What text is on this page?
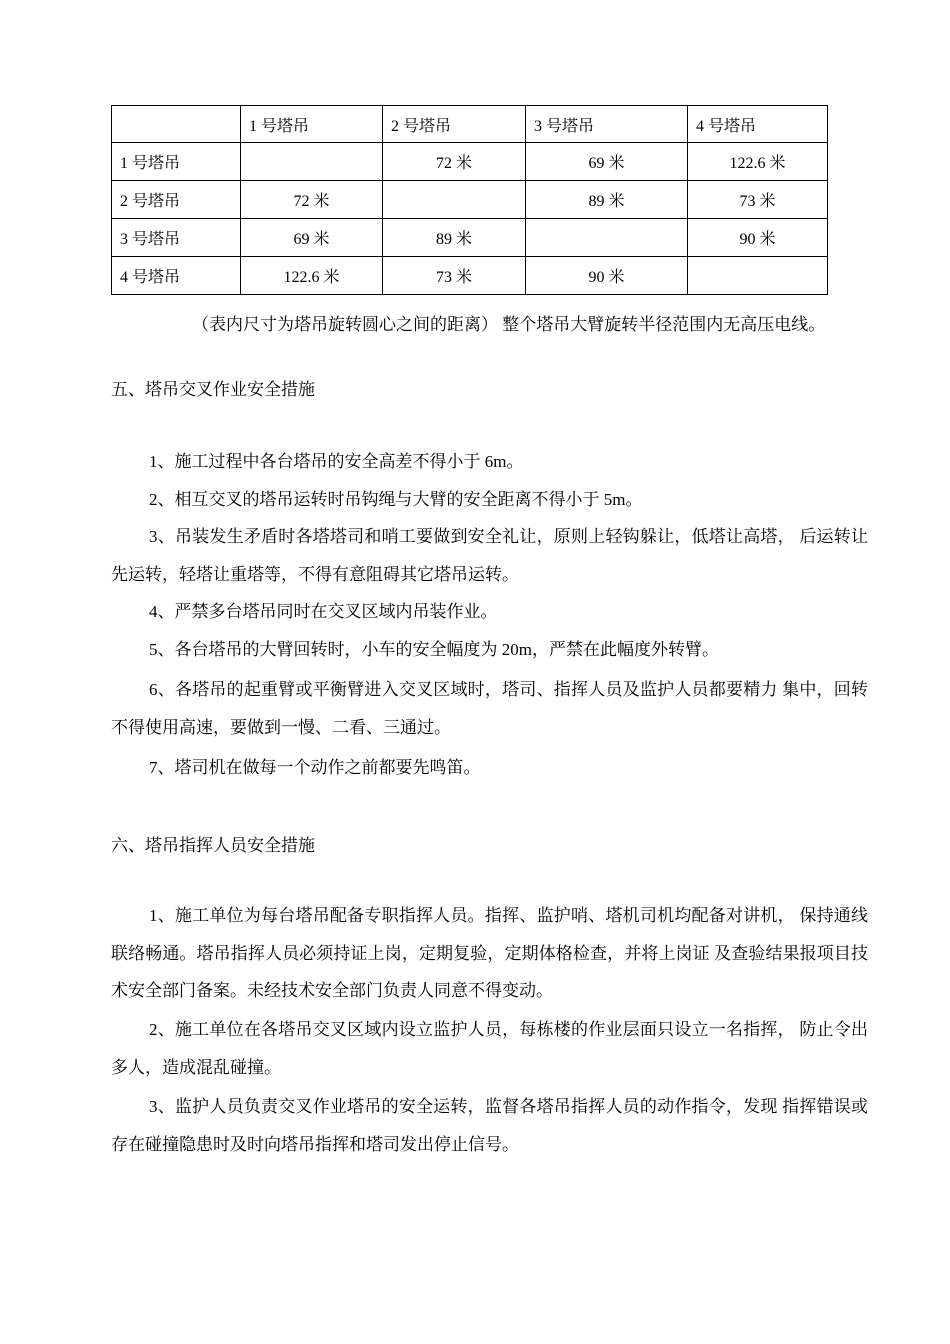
	1 号塔吊	2 号塔吊	3 号塔吊	4 号塔吊
1 号塔吊		72 米	69 米	122.6 米
2 号塔吊	72 米		89 米	73 米
3 号塔吊	69 米	89 米		90 米
4 号塔吊	122.6 米	73 米	90 米	
（表内尺寸为塔吊旋转圆心之间的距离） 整个塔吊大臂旋转半径范围内无高压电线。
五、塔吊交叉作业安全措施
1、施工过程中各台塔吊的安全高差不得小于 6m。
2、相互交叉的塔吊运转时吊钩绳与大臂的安全距离不得小于 5m。
3、吊装发生矛盾时各塔塔司和哨工要做到安全礼让，原则上轻钩躲让，低塔让高塔， 后运转让先运转，轻塔让重塔等，不得有意阻碍其它塔吊运转。
4、严禁多台塔吊同时在交叉区域内吊装作业。
5、各台塔吊的大臂回转时，小车的安全幅度为 20m，严禁在此幅度外转臂。
6、各塔吊的起重臂或平衡臂进入交叉区域时，塔司、指挥人员及监护人员都要精力 集中，回转不得使用高速，要做到一慢、二看、三通过。
7、塔司机在做每一个动作之前都要先鸣笛。
六、塔吊指挥人员安全措施
1、施工单位为每台塔吊配备专职指挥人员。指挥、监护哨、塔机司机均配备对讲机， 保持通线联络畅通。塔吊指挥人员必须持证上岗，定期复验，定期体格检查，并将上岗证 及查验结果报项目技术安全部门备案。未经技术安全部门负责人同意不得变动。
2、施工单位在各塔吊交叉区域内设立监护人员，每栋楼的作业层面只设立一名指挥， 防止令出多人，造成混乱碰撞。
3、监护人员负责交叉作业塔吊的安全运转，监督各塔吊指挥人员的动作指令，发现 指挥错误或存在碰撞隐患时及时向塔吊指挥和塔司发出停止信号。
